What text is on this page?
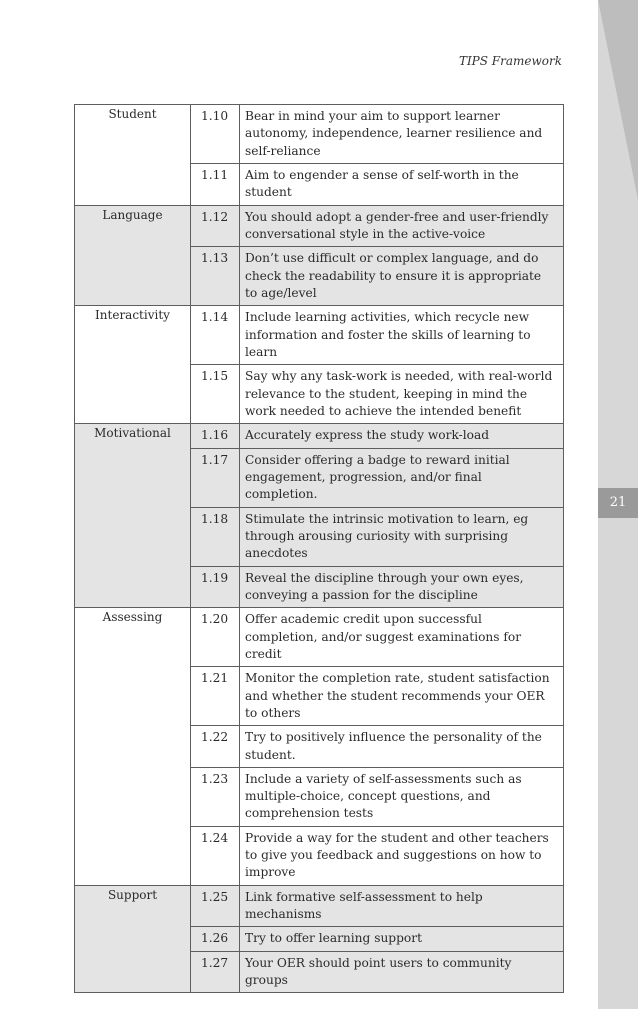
21
TIPS Framework
Student	1.10	Bear in mind your aim to support learner autonomy, independence, learner resilience and self-reliance
	1.11	Aim to engender a sense of self-worth in the student
Language	1.12	You should adopt a gender-free and user-friendly conversational style in the active-voice
	1.13	Don’t use difficult or complex language, and do check the readability to ensure it is appropriate to age/level
Interactivity	1.14	Include learning activities, which recycle new information and foster the skills of learning to learn
	1.15	Say why any task-work is needed, with real-world relevance to the student, keeping in mind the work needed to achieve the intended benefit
Motivational	1.16	Accurately express the study work-load
	1.17	Consider offering a badge to reward initial engagement, progression, and/or final completion.
	1.18	Stimulate the intrinsic motivation to learn, eg through arousing curiosity with surprising anecdotes
	1.19	Reveal the discipline through your own eyes, conveying a passion for the discipline
Assessing	1.20	Offer academic credit upon successful completion, and/or suggest examinations for credit
	1.21	Monitor the completion rate, student satisfaction and whether the student recommends your OER to others
	1.22	Try to positively influence the personality of the student.
	1.23	Include a variety of self-assessments such as multiple-choice, concept questions, and comprehension tests
	1.24	Provide a way for the student and other teachers to give you feedback and suggestions on how to improve
Support	1.25	Link formative self-assessment to help mechanisms
	1.26	Try to offer learning support
	1.27	Your OER should point users to community groups
